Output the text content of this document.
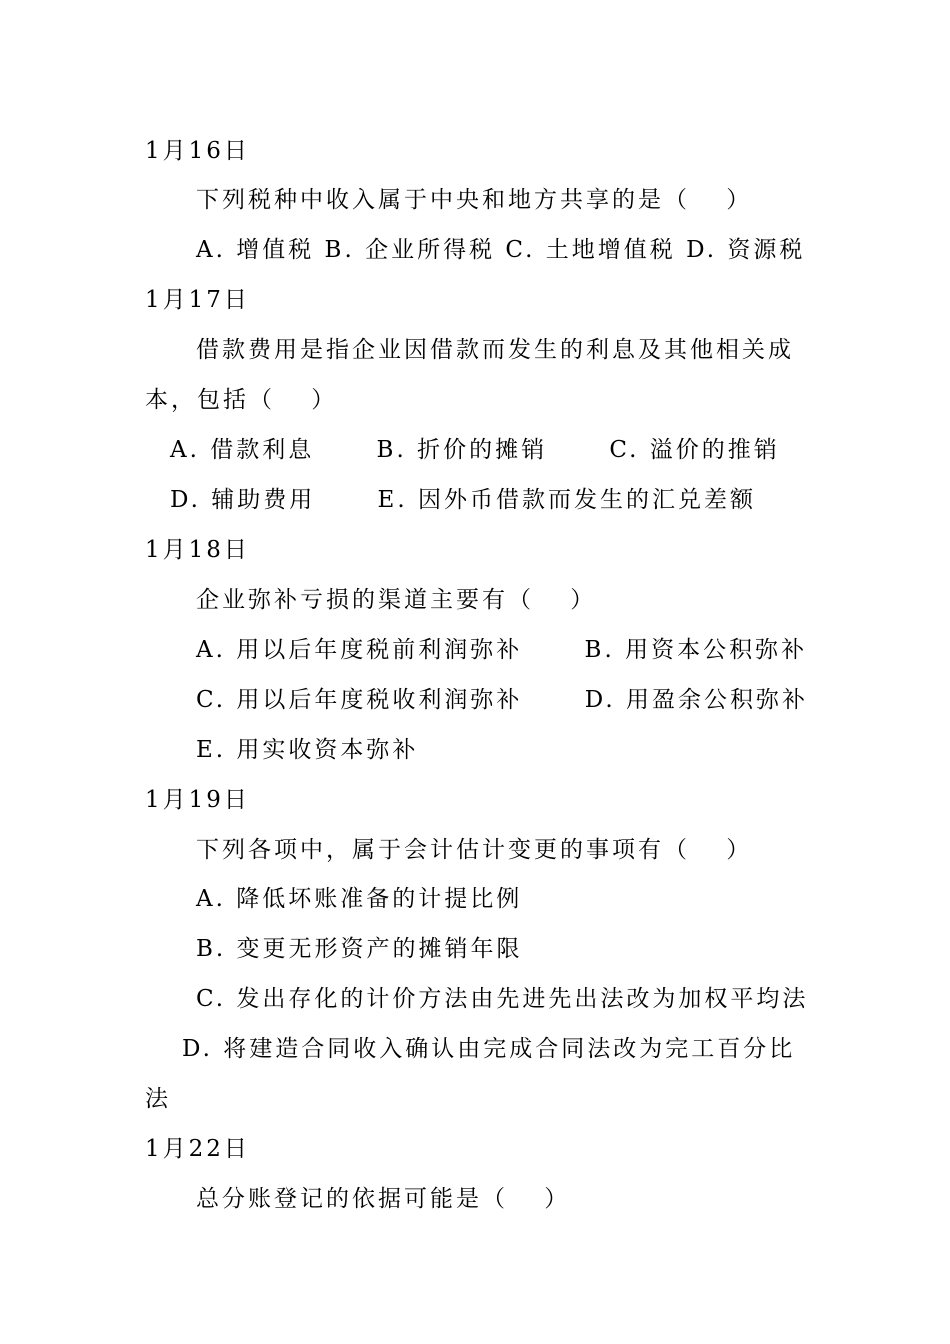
1月16日
下列税种中收入属于中央和地方共享的是（　 ）
A. 增值税 B. 企业所得税 C. 土地增值税 D. 资源税
1月17日
借款费用是指企业因借款而发生的利息及其他相关成
本，包括（　 ）
A. 借款利息　　 B. 折价的摊销　　 C. 溢价的推销
D. 辅助费用　　 E. 因外币借款而发生的汇兑差额
1月18日
企业弥补亏损的渠道主要有（　 ）
A. 用以后年度税前利润弥补　　 B. 用资本公积弥补
C. 用以后年度税收利润弥补　　 D. 用盈余公积弥补
E. 用实收资本弥补
1月19日
下列各项中，属于会计估计变更的事项有（　 ）
A. 降低坏账准备的计提比例
B. 变更无形资产的摊销年限
C. 发出存化的计价方法由先进先出法改为加权平均法
D. 将建造合同收入确认由完成合同法改为完工百分比
法
1月22日
总分账登记的依据可能是（　 ）
